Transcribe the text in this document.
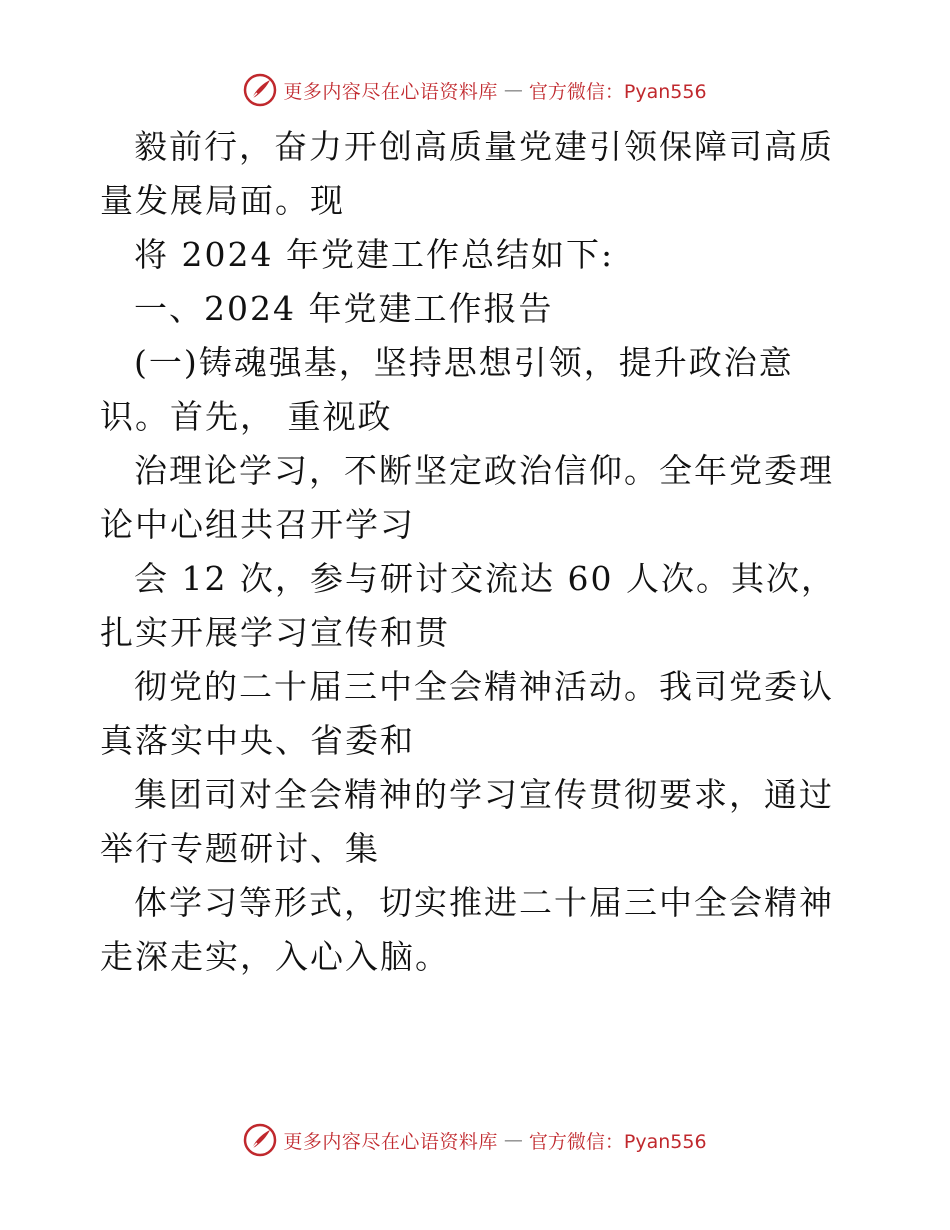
更多内容尽在心语资料库 — 官方微信：Pyan556

毅前行，奋力开创高质量党建引领保障司高质量发展局面。现

将 2024 年党建工作总结如下:

一、2024 年党建工作报告

(一)铸魂强基，坚持思想引领，提升政治意识。首先， 重视政

治理论学习，不断坚定政治信仰。全年党委理论中心组共召开学习

会 12 次，参与研讨交流达 60 人次。其次，扎实开展学习宣传和贯

彻党的二十届三中全会精神活动。我司党委认真落实中央、省委和

集团司对全会精神的学习宣传贯彻要求，通过举行专题研讨、集

体学习等形式，切实推进二十届三中全会精神走深走实，入心入脑。

更多内容尽在心语资料库 — 官方微信：Pyan556
